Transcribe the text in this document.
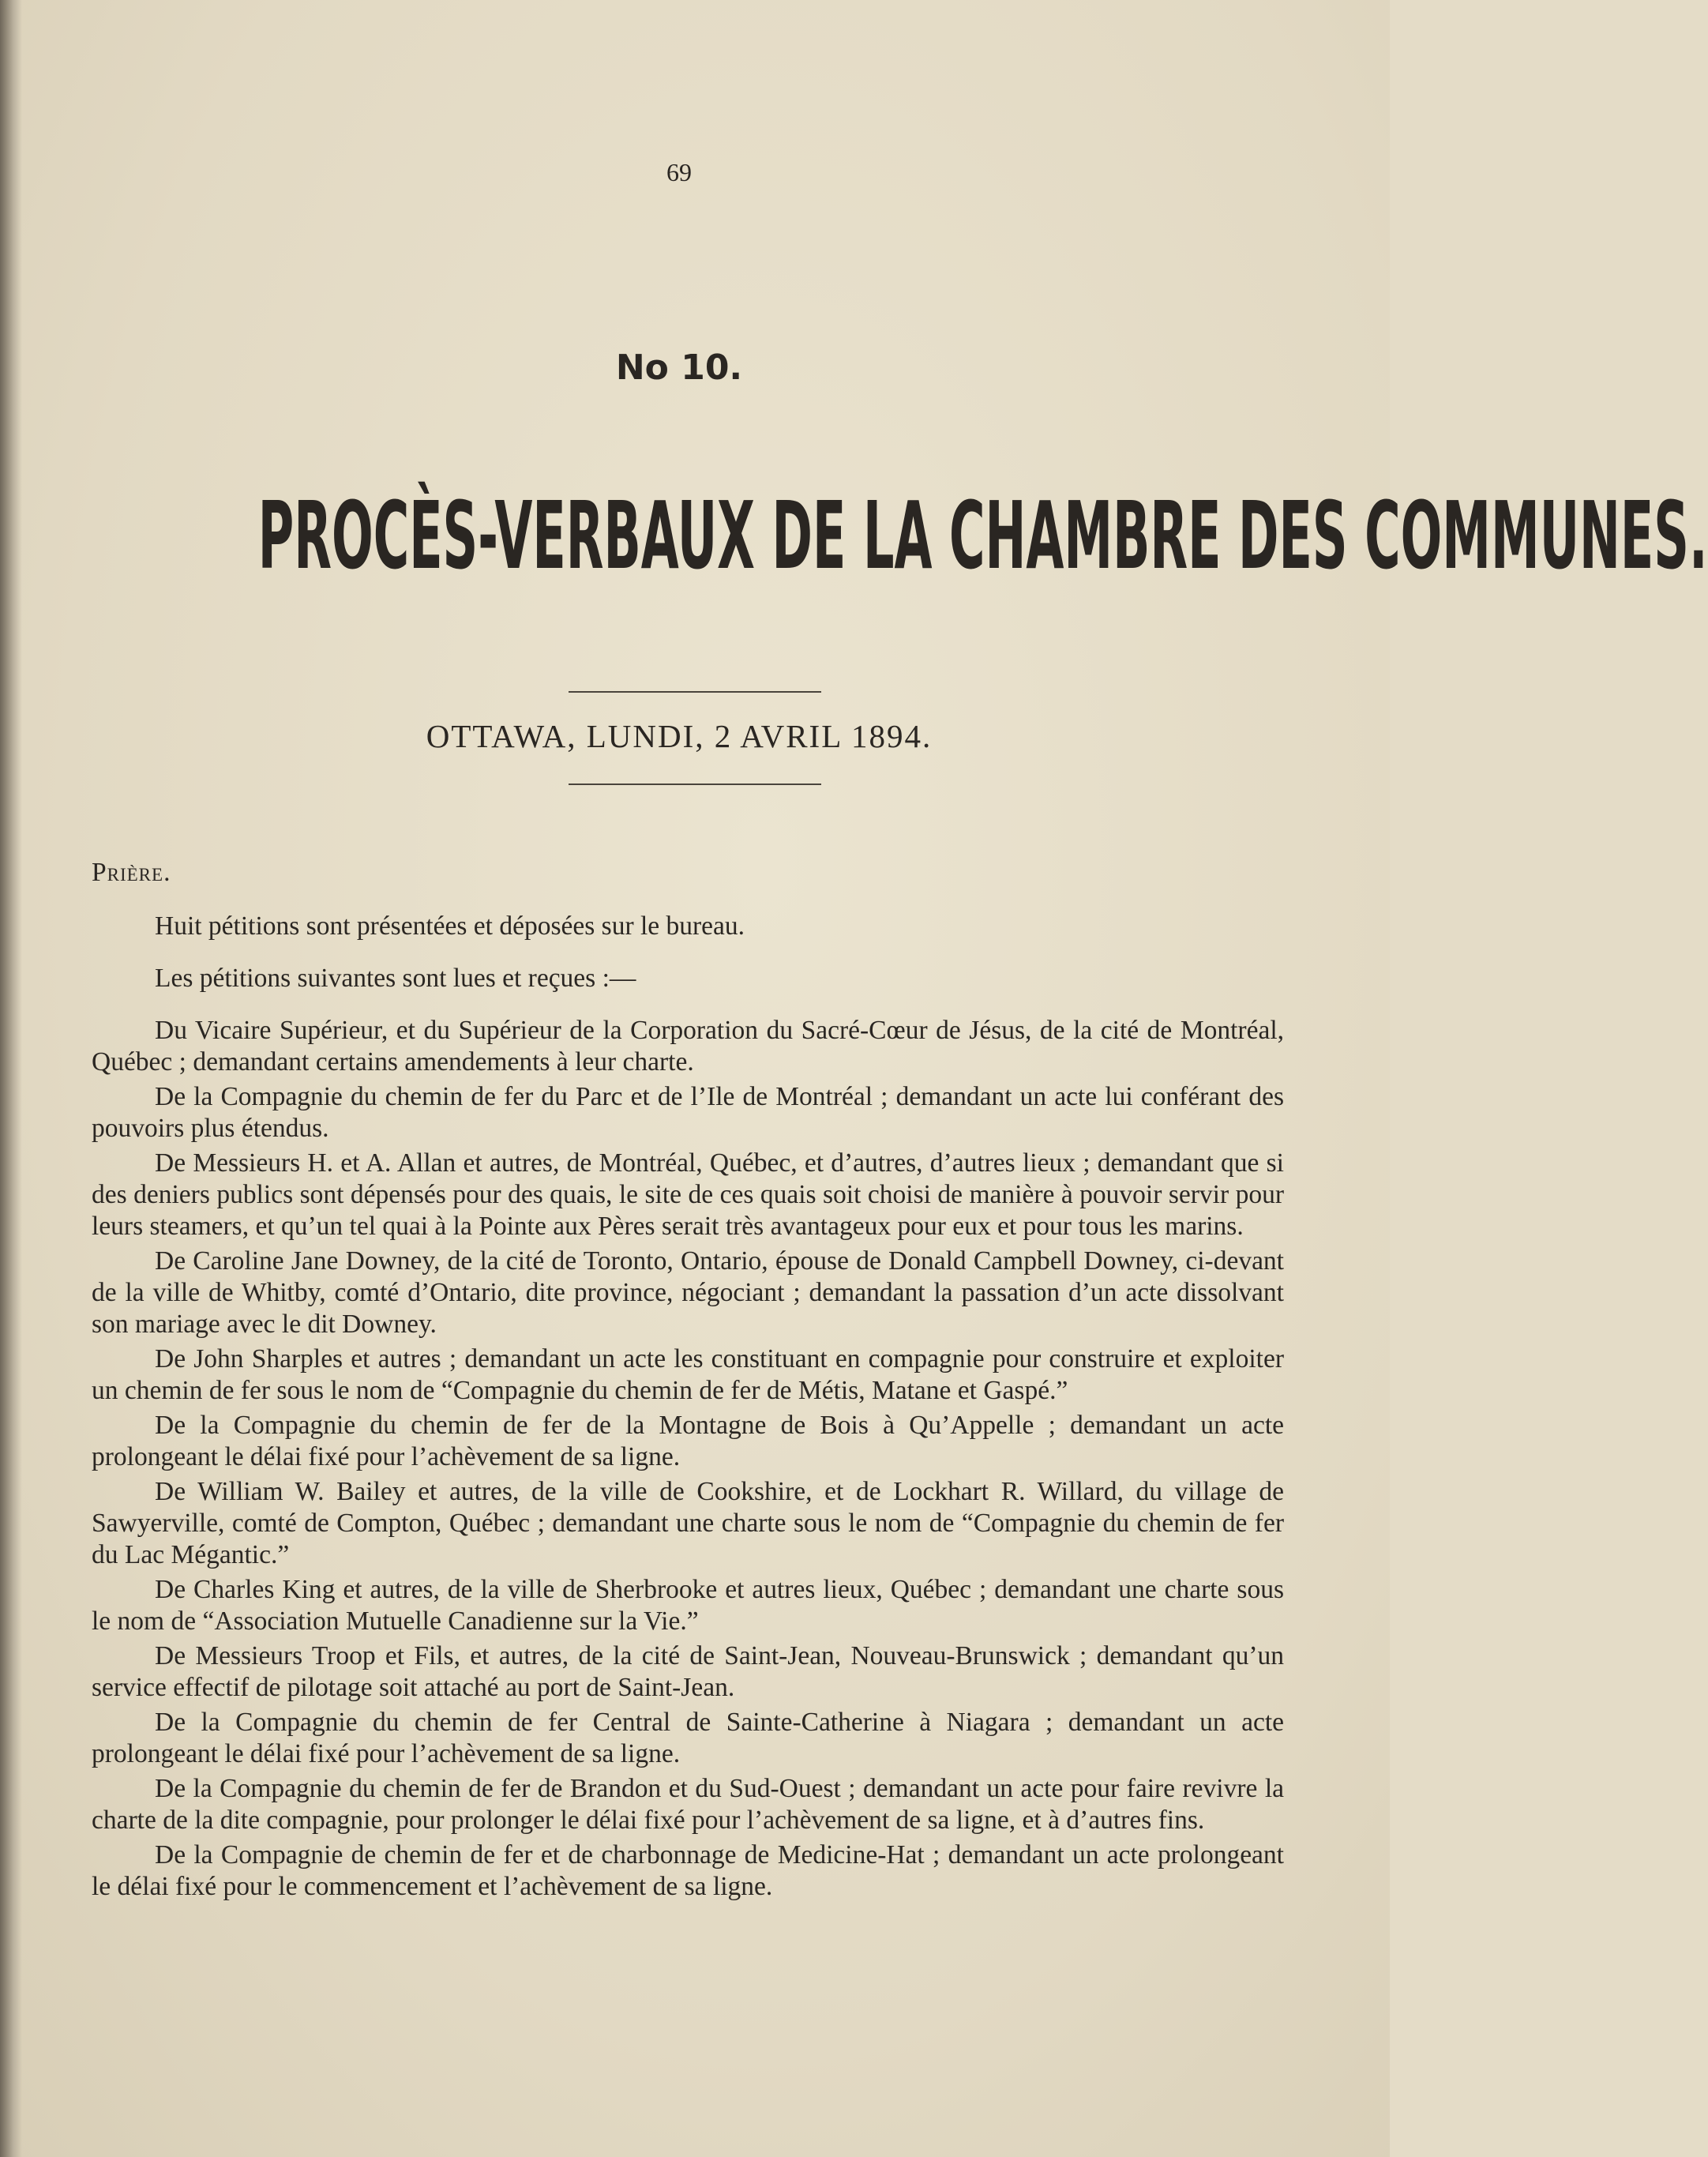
69
No 10.
PROCÈS-VERBAUX DE LA CHAMBRE DES COMMUNES.
OTTAWA, LUNDI, 2 AVRIL 1894.

Prière.

Huit pétitions sont présentées et déposées sur le bureau.

Les pétitions suivantes sont lues et reçues :—

Du Vicaire Supérieur, et du Supérieur de la Corporation du Sacré-Cœur de Jésus, de la cité de Montréal, Québec ; demandant certains amendements à leur charte.

De la Compagnie du chemin de fer du Parc et de l’Ile de Montréal ; demandant un acte lui conférant des pouvoirs plus étendus.

De Messieurs H. et A. Allan et autres, de Montréal, Québec, et d’autres, d’autres lieux ; demandant que si des deniers publics sont dépensés pour des quais, le site de ces quais soit choisi de manière à pouvoir servir pour leurs steamers, et qu’un tel quai à la Pointe aux Pères serait très avantageux pour eux et pour tous les marins.

De Caroline Jane Downey, de la cité de Toronto, Ontario, épouse de Donald Campbell Downey, ci-devant de la ville de Whitby, comté d’Ontario, dite province, négociant ; demandant la passation d’un acte dissolvant son mariage avec le dit Downey.

De John Sharples et autres ; demandant un acte les constituant en compagnie pour construire et exploiter un chemin de fer sous le nom de “Compagnie du chemin de fer de Métis, Matane et Gaspé.”

De la Compagnie du chemin de fer de la Montagne de Bois à Qu’Appelle ; demandant un acte prolongeant le délai fixé pour l’achèvement de sa ligne.

De William W. Bailey et autres, de la ville de Cookshire, et de Lockhart R. Willard, du village de Sawyerville, comté de Compton, Québec ; demandant une charte sous le nom de “Compagnie du chemin de fer du Lac Mégantic.”

De Charles King et autres, de la ville de Sherbrooke et autres lieux, Québec ; demandant une charte sous le nom de “Association Mutuelle Canadienne sur la Vie.”

De Messieurs Troop et Fils, et autres, de la cité de Saint-Jean, Nouveau-Brunswick ; demandant qu’un service effectif de pilotage soit attaché au port de Saint-Jean.

De la Compagnie du chemin de fer Central de Sainte-Catherine à Niagara ; demandant un acte prolongeant le délai fixé pour l’achèvement de sa ligne.

De la Compagnie du chemin de fer de Brandon et du Sud-Ouest ; demandant un acte pour faire revivre la charte de la dite compagnie, pour prolonger le délai fixé pour l’achèvement de sa ligne, et à d’autres fins.

De la Compagnie de chemin de fer et de charbonnage de Medicine-Hat ; demandant un acte prolongeant le délai fixé pour le commencement et l’achèvement de sa ligne.
